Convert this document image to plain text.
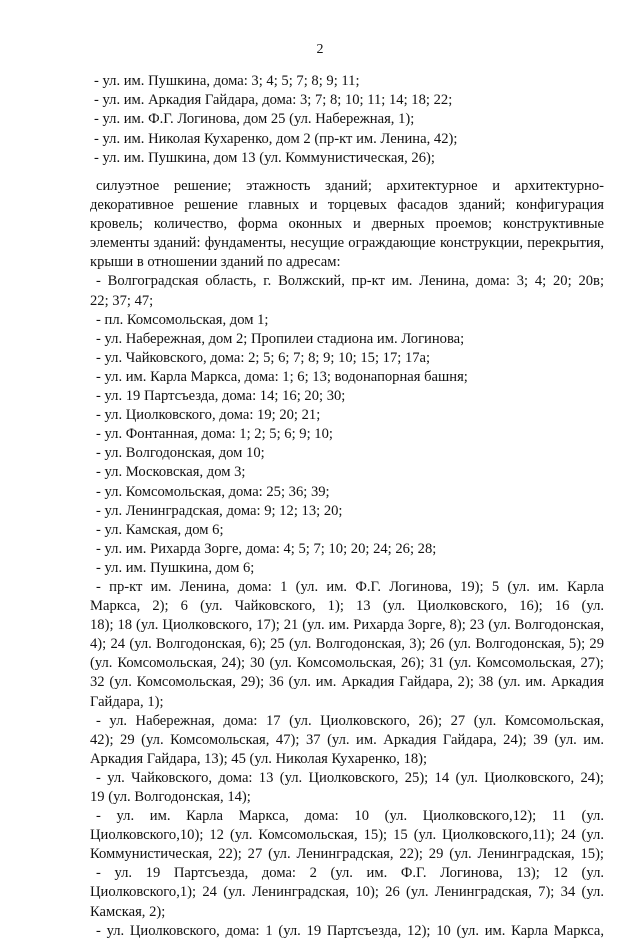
2
- ул. им. Пушкина, дома: 3; 4; 5; 7; 8; 9; 11;
- ул. им. Аркадия Гайдара, дома: 3; 7; 8; 10; 11; 14; 18; 22;
- ул. им. Ф.Г. Логинова, дом 25 (ул. Набережная, 1);
- ул. им. Николая Кухаренко, дом 2 (пр-кт им. Ленина, 42);
- ул. им. Пушкина, дом 13 (ул. Коммунистическая, 26);
силуэтное решение; этажность зданий; архитектурное и архитектурно-
декоративное решение главных и торцевых фасадов зданий; конфигурация
кровель; количество, форма оконных и дверных проемов; конструктивные
элементы зданий: фундаменты, несущие ограждающие конструкции, перекрытия,
крыши в отношении зданий по адресам:
- Волгоградская область, г. Волжский, пр-кт им. Ленина, дома: 3; 4; 20; 20в;
22; 37; 47;
- пл. Комсомольская, дом 1;
- ул. Набережная, дом 2; Пропилеи стадиона им. Логинова;
- ул. Чайковского, дома: 2; 5; 6; 7; 8; 9; 10; 15; 17; 17а;
- ул. им. Карла Маркса, дома: 1; 6; 13; водонапорная башня;
- ул. 19 Партсъезда, дома: 14; 16; 20; 30;
- ул. Циолковского, дома: 19; 20; 21;
- ул. Фонтанная, дома: 1; 2; 5; 6; 9; 10;
- ул. Волгодонская, дом 10;
- ул. Московская, дом 3;
- ул. Комсомольская, дома: 25; 36; 39;
- ул. Ленинградская, дома: 9; 12; 13; 20;
- ул. Камская, дом 6;
- ул. им. Рихарда Зорге, дома: 4; 5; 7; 10; 20; 24; 26; 28;
- ул. им. Пушкина, дом 6;
- пр-кт им. Ленина, дома: 1 (ул. им. Ф.Г. Логинова, 19); 5 (ул. им. Карла
Маркса, 2); 6 (ул. Чайковского, 1); 13 (ул. Циолковского, 16); 16 (ул.
18); 18 (ул. Циолковского, 17); 21 (ул. им. Рихарда Зорге, 8); 23 (ул. Волгодонская,
4); 24 (ул. Волгодонская, 6); 25 (ул. Волгодонская, 3); 26 (ул. Волгодонская, 5); 29
(ул. Комсомольская, 24); 30 (ул. Комсомольская, 26); 31 (ул. Комсомольская, 27);
32 (ул. Комсомольская, 29); 36 (ул. им. Аркадия Гайдара, 2); 38 (ул. им. Аркадия
Гайдара, 1);
- ул. Набережная, дома: 17 (ул. Циолковского, 26); 27 (ул. Комсомольская,
42); 29 (ул. Комсомольская, 47); 37 (ул. им. Аркадия Гайдара, 24); 39 (ул. им.
Аркадия Гайдара, 13); 45 (ул. Николая Кухаренко, 18);
- ул. Чайковского, дома: 13 (ул. Циолковского, 25); 14 (ул. Циолковского, 24);
19 (ул. Волгодонская, 14);
- ул. им. Карла Маркса, дома: 10 (ул. Циолковского,12); 11 (ул.
Циолковского,10); 12 (ул. Комсомольская, 15); 15 (ул. Циолковского,11); 24 (ул.
Коммунистическая, 22); 27 (ул. Ленинградская, 22); 29 (ул. Ленинградская, 15);
- ул. 19 Партсъезда, дома: 2 (ул. им. Ф.Г. Логинова, 13); 12 (ул.
Циолковского,1); 24 (ул. Ленинградская, 10); 26 (ул. Ленинградская, 7); 34 (ул.
Камская, 2);
- ул. Циолковского, дома: 1 (ул. 19 Партсъезда, 12); 10 (ул. им. Карла Маркса,
